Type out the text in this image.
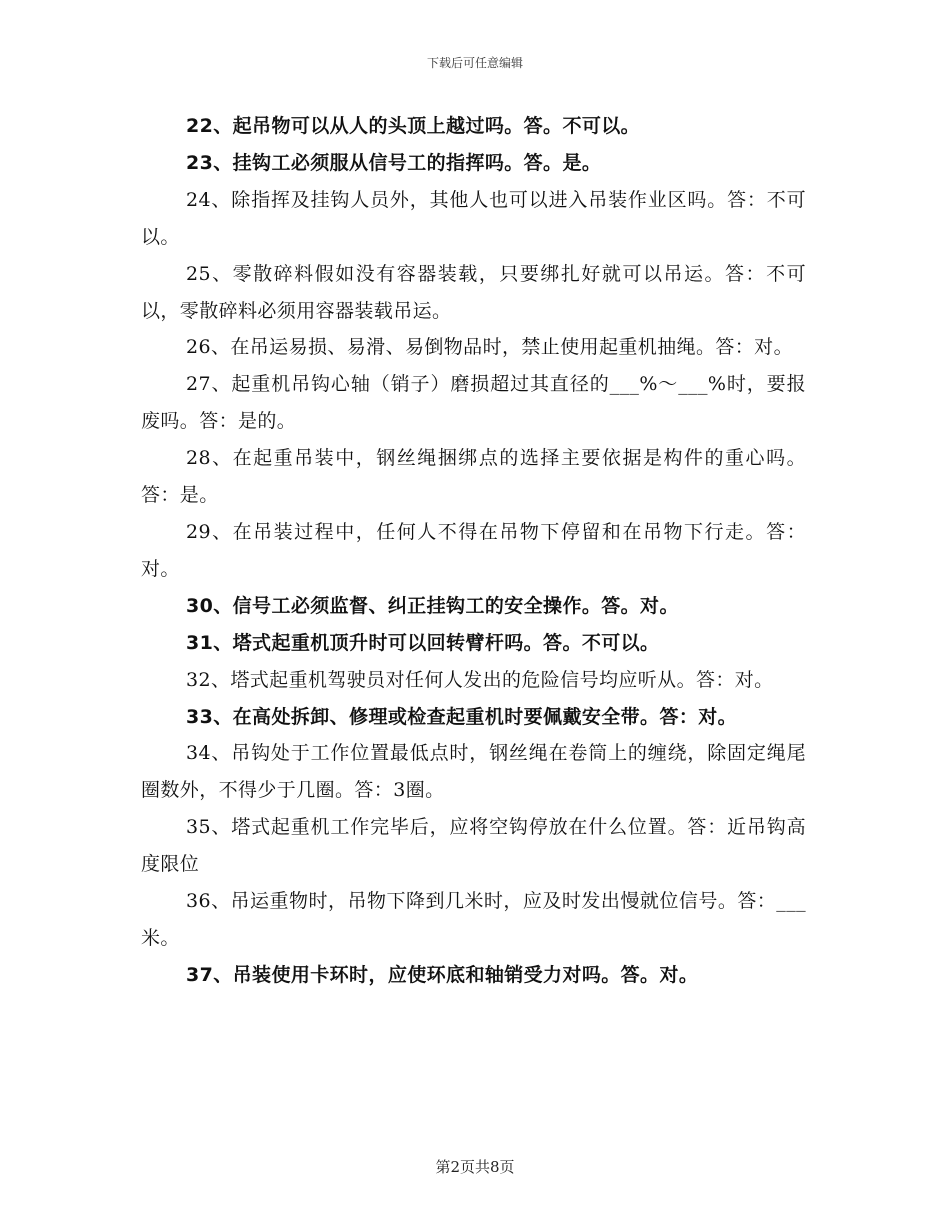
下载后可任意编辑

22、起吊物可以从人的头顶上越过吗。答。不可以。

23、挂钩工必须服从信号工的指挥吗。答。是。

24、除指挥及挂钩人员外，其他人也可以进入吊装作业区吗。答：不可以。

25、零散碎料假如没有容器装载，只要绑扎好就可以吊运。答：不可以，零散碎料必须用容器装载吊运。

26、在吊运易损、易滑、易倒物品时，禁止使用起重机抽绳。答：对。

27、起重机吊钩心轴（销子）磨损超过其直径的___%～___%时，要报废吗。答：是的。

28、在起重吊装中，钢丝绳捆绑点的选择主要依据是构件的重心吗。答：是。

29、在吊装过程中，任何人不得在吊物下停留和在吊物下行走。答：对。

30、信号工必须监督、纠正挂钩工的安全操作。答。对。

31、塔式起重机顶升时可以回转臂杆吗。答。不可以。

32、塔式起重机驾驶员对任何人发出的危险信号均应听从。答：对。

33、在高处拆卸、修理或检查起重机时要佩戴安全带。答：对。

34、吊钩处于工作位置最低点时，钢丝绳在卷筒上的缠绕，除固定绳尾圈数外，不得少于几圈。答：3圈。

35、塔式起重机工作完毕后，应将空钩停放在什么位置。答：近吊钩高度限位

36、吊运重物时，吊物下降到几米时，应及时发出慢就位信号。答：___米。

37、吊装使用卡环时，应使环底和轴销受力对吗。答。对。

第2页共8页
